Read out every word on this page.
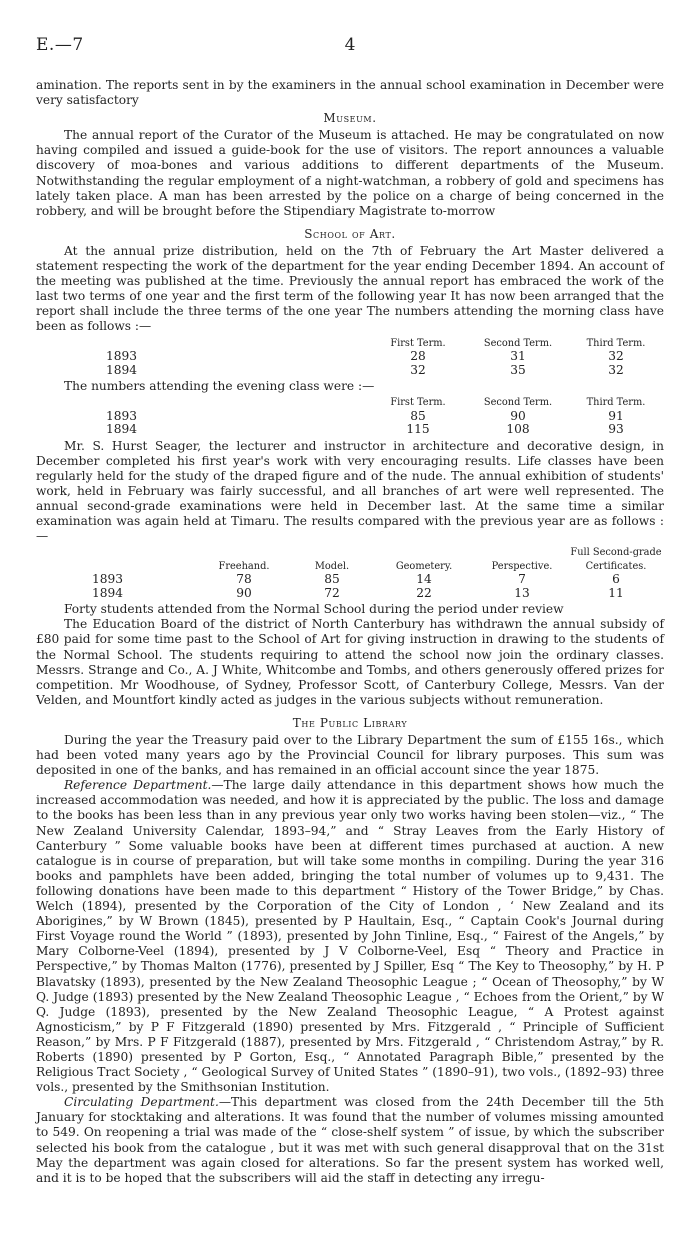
E.—7	4

amination. The reports sent in by the examiners in the annual school examination in December were very satisfactory

Museum.

The annual report of the Curator of the Museum is attached. He may be congratulated on now having compiled and issued a guide-book for the use of visitors. The report announces a valuable discovery of moa-bones and various additions to different departments of the Museum. Notwithstanding the regular employment of a night-watchman, a robbery of gold and specimens has lately taken place. A man has been arrested by the police on a charge of being concerned in the robbery, and will be brought before the Stipendiary Magistrate to-morrow

School of Art.

At the annual prize distribution, held on the 7th of February the Art Master delivered a statement respecting the work of the department for the year ending December 1894. An account of the meeting was published at the time. Previously the annual report has embraced the work of the last two terms of one year and the first term of the following year It has now been arranged that the report shall include the three terms of the one year The numbers attending the morning class have been as follows :—

	First Term.	Second Term.	Third Term.
1893	28	31	32
1894	32	35	32

The numbers attending the evening class were :—

	First Term.	Second Term.	Third Term.
1893	85	90	91
1894	115	108	93

Mr. S. Hurst Seager, the lecturer and instructor in architecture and decorative design, in December completed his first year's work with very encouraging results. Life classes have been regularly held for the study of the draped figure and of the nude. The annual exhibition of students' work, held in February was fairly successful, and all branches of art were well represented. The annual second-grade examinations were held in December last. At the same time a similar examination was again held at Timaru. The results compared with the previous year are as follows :—

	Freehand.	Model.	Geometery.	Perspective.	Full Second-grade Certificates.
1893	78	85	14	7	6
1894	90	72	22	13	11

Forty students attended from the Normal School during the period under review

The Education Board of the district of North Canterbury has withdrawn the annual subsidy of £80 paid for some time past to the School of Art for giving instruction in drawing to the students of the Normal School. The students requiring to attend the school now join the ordinary classes. Messrs. Strange and Co., A. J White, Whitcombe and Tombs, and others generously offered prizes for competition. Mr Woodhouse, of Sydney, Professor Scott, of Canterbury College, Messrs. Van der Velden, and Mountfort kindly acted as judges in the various subjects without remuneration.

The Public Library

During the year the Treasury paid over to the Library Department the sum of £155 16s., which had been voted many years ago by the Provincial Council for library purposes. This sum was deposited in one of the banks, and has remained in an official account since the year 1875.

Reference Department.—The large daily attendance in this department shows how much the increased accommodation was needed, and how it is appreciated by the public. The loss and damage to the books has been less than in any previous year only two works having been stolen—viz., “ The New Zealand University Calendar, 1893–94,” and “ Stray Leaves from the Early History of Canterbury ” Some valuable books have been at different times purchased at auction. A new catalogue is in course of preparation, but will take some months in compiling. During the year 316 books and pamphlets have been added, bringing the total number of volumes up to 9,431. The following donations have been made to this department “ History of the Tower Bridge,” by Chas. Welch (1894), presented by the Corporation of the City of London , ‘ New Zealand and its Aborigines,” by W Brown (1845), presented by P Haultain, Esq., “ Captain Cook's Journal during First Voyage round the World ” (1893), presented by John Tinline, Esq., “ Fairest of the Angels,” by Mary Colborne-Veel (1894), presented by J V Colborne-Veel, Esq “ Theory and Practice in Perspective,” by Thomas Malton (1776), presented by J Spiller, Esq “ The Key to Theosophy,” by H. P Blavatsky (1893), presented by the New Zealand Theosophic League ; “ Ocean of Theosophy,” by W Q. Judge (1893) presented by the New Zealand Theosophic League , “ Echoes from the Orient,” by W Q. Judge (1893), presented by the New Zealand Theosophic League, “ A Protest against Agnosticism,” by P F Fitzgerald (1890) presented by Mrs. Fitzgerald , “ Principle of Sufficient Reason,” by Mrs. P F Fitzgerald (1887), presented by Mrs. Fitzgerald , “ Christendom Astray,” by R. Roberts (1890) presented by P Gorton, Esq., “ Annotated Paragraph Bible,” presented by the Religious Tract Society , “ Geological Survey of United States ” (1890–91), two vols., (1892–93) three vols., presented by the Smithsonian Institution.

Circulating Department.—This department was closed from the 24th December till the 5th January for stocktaking and alterations. It was found that the number of volumes missing amounted to 549. On reopening a trial was made of the “ close-shelf system ” of issue, by which the subscriber selected his book from the catalogue , but it was met with such general disapproval that on the 31st May the department was again closed for alterations. So far the present system has worked well, and it is to be hoped that the subscribers will aid the staff in detecting any irregu-
